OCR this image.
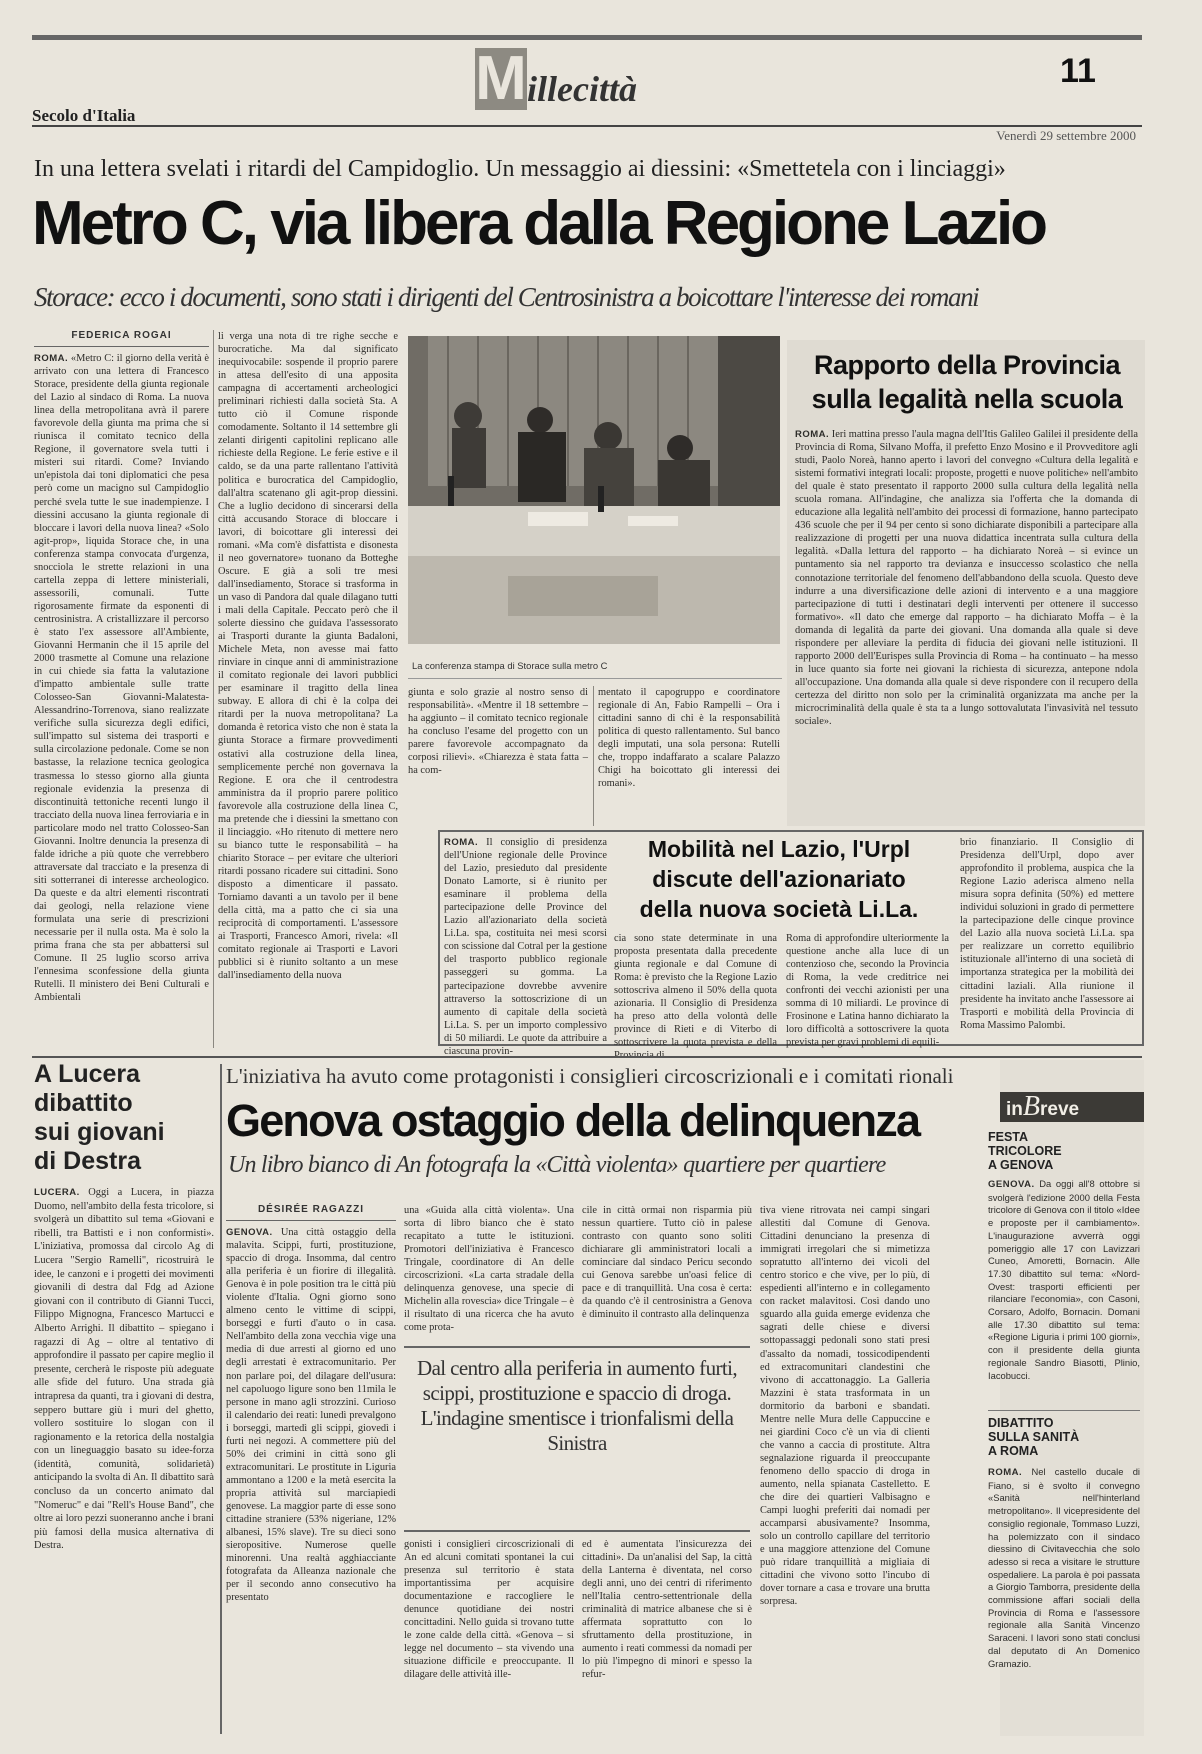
Millecittà	11
Secolo d'Italia
Venerdì 29 settembre 2000
In una lettera svelati i ritardi del Campidoglio. Un messaggio ai diessini: «Smettetela con i linciaggi»
Metro C, via libera dalla Regione Lazio
Storace: ecco i documenti, sono stati i dirigenti del Centrosinistra a boicottare l'interesse dei romani
FEDERICA ROGAI

ROMA. «Metro C: il giorno della verità è arrivato con una lettera di Francesco Storace, presidente della giunta regionale del Lazio al sindaco di Roma. La nuova linea della metropolitana avrà il parere favorevole della giunta ma prima che si riunisca il comitato tecnico della Regione, il governatore svela tutti i misteri sui ritardi. Come? Inviando un'epistola dai toni diplomatici che pesa però come un macigno sul Campidoglio perché svela tutte le sue inadempienze. I diessini accusano la giunta regionale di bloccare i lavori della nuova linea? «Solo agit-prop», liquida Storace che, in una conferenza stampa convocata d'urgenza, snocciola le strette relazioni in una cartella zeppa di lettere ministeriali, assessorili, comunali. Tutte rigorosamente firmate da esponenti di centrosinistra. A cristallizzare il percorso è stato l'ex assessore all'Ambiente, Giovanni Hermanin che il 15 aprile del 2000 trasmette al Comune una relazione in cui chiede sia fatta la valutazione d'impatto ambientale sulle tratte Colosseo-San Giovanni-Malatesta-Alessandrino-Torrenova, siano realizzate verifiche sulla sicurezza degli edifici, sull'impatto sul sistema dei trasporti e sulla circolazione pedonale. Come se non bastasse, la relazione tecnica geologica trasmessa lo stesso giorno alla giunta regionale evidenzia la presenza di discontinuità tettoniche recenti lungo il tracciato della nuova linea ferroviaria e in particolare modo nel tratto Colosseo-San Giovanni. Inoltre denuncia la presenza di falde idriche a più quote che verrebbero attraversate dal tracciato e la presenza di siti sotterranei di interesse archeologico. Da queste e da altri elementi riscontrati dai geologi, nella relazione viene formulata una serie di prescrizioni necessarie per il nulla osta. Ma è solo la prima frana che sta per abbattersi sul Comune. Il 25 luglio scorso arriva l'ennesima sconfessione della giunta Rutelli. Il ministero dei Beni Culturali e Ambientali

li verga una nota di tre righe secche e burocratiche. Ma dal significato inequivocabile: sospende il proprio parere in attesa dell'esito di una apposita campagna di accertamenti archeologici preliminari richiesti dalla società Sta. A tutto ciò il Comune risponde comodamente. Soltanto il 14 settembre gli zelanti dirigenti capitolini replicano alle richieste della Regione. Le ferie estive e il caldo, se da una parte rallentano l'attività politica e burocratica del Campidoglio, dall'altra scatenano gli agit-prop diessini. Che a luglio decidono di sincerarsi della città accusando Storace di bloccare i lavori, di boicottare gli interessi dei romani. «Ma com'è disfattista e disonesta il neo governatore» tuonano da Botteghe Oscure. E già a soli tre mesi dall'insediamento, Storace si trasforma in un vaso di Pandora dal quale dilagano tutti i mali della Capitale. Peccato però che il solerte diessino che guidava l'assessorato ai Trasporti durante la giunta Badaloni, Michele Meta, non avesse mai fatto rinviare in cinque anni di amministrazione il comitato regionale dei lavori pubblici per esaminare il tragitto della linea subway. E allora di chi è la colpa dei ritardi per la nuova metropolitana? La domanda è retorica visto che non è stata la giunta Storace a firmare provvedimenti ostativi alla costruzione della linea, semplicemente perché non governava la Regione. E ora che il centrodestra amministra da il proprio parere politico favorevole alla costruzione della linea C, ma pretende che i diessini la smettano con il linciaggio. «Ho ritenuto di mettere nero su bianco tutte le responsabilità – ha chiarito Storace – per evitare che ulteriori ritardi possano ricadere sui cittadini. Sono disposto a dimenticare il passato. Torniamo davanti a un tavolo per il bene della città, ma a patto che ci sia una reciprocità di comportamenti. L'assessore ai Trasporti, Francesco Amori, rivela: «Il comitato regionale ai Trasporti e Lavori pubblici si è riunito soltanto a un mese dall'insediamento della nuova

La conferenza stampa di Storace sulla metro C

giunta e solo grazie al nostro senso di responsabilità». «Mentre il 18 settembre – ha aggiunto – il comitato tecnico regionale ha concluso l'esame del progetto con un parere favorevole accompagnato da corposi rilievi». «Chiarezza è stata fatta – ha com-

mentato il capogruppo e coordinatore regionale di An, Fabio Rampelli – Ora i cittadini sanno di chi è la responsabilità politica di questo rallentamento. Sul banco degli imputati, una sola persona: Rutelli che, troppo indaffarato a scalare Palazzo Chigi ha boicottato gli interessi dei romani».

Rapporto della Provincia
sulla legalità nella scuola

ROMA. Ieri mattina presso l'aula magna dell'Itis Galileo Galilei il presidente della Provincia di Roma, Silvano Moffa, il prefetto Enzo Mosino e il Provveditore agli studi, Paolo Noreà, hanno aperto i lavori del convegno «Cultura della legalità e sistemi formativi integrati locali: proposte, progetti e nuove politiche» nell'ambito del quale è stato presentato il rapporto 2000 sulla cultura della legalità nella scuola romana. All'indagine, che analizza sia l'offerta che la domanda di educazione alla legalità nell'ambito dei processi di formazione, hanno partecipato 436 scuole che per il 94 per cento si sono dichiarate disponibili a partecipare alla realizzazione di progetti per una nuova didattica incentrata sulla cultura della legalità. «Dalla lettura del rapporto – ha dichiarato Noreà – si evince un puntamento sia nel rapporto tra devianza e insuccesso scolastico che nella connotazione territoriale del fenomeno dell'abbandono della scuola. Questo deve indurre a una diversificazione delle azioni di intervento e a una maggiore partecipazione di tutti i destinatari degli interventi per ottenere il successo formativo». «Il dato che emerge dal rapporto – ha dichiarato Moffa – è la domanda di legalità da parte dei giovani. Una domanda alla quale si deve rispondere per alleviare la perdita di fiducia dei giovani nelle istituzioni. Il rapporto 2000 dell'Eurispes sulla Provincia di Roma – ha continuato – ha messo in luce quanto sia forte nei giovani la richiesta di sicurezza, antepone ndola all'occupazione. Una domanda alla quale si deve rispondere con il recupero della certezza del diritto non solo per la criminalità organizzata ma anche per la microcriminalità della quale è sta ta a lungo sottovalutata l'invasività nel tessuto sociale».

ROMA. Il consiglio di presidenza dell'Unione regionale delle Province del Lazio, presieduto dal presidente Donato Lamorte, si è riunito per esaminare il problema della partecipazione delle Province del Lazio all'azionariato della società Li.La. spa, costituita nei mesi scorsi con scissione dal Cotral per la gestione del trasporto pubblico regionale passeggeri su gomma. La partecipazione dovrebbe avvenire attraverso la sottoscrizione di un aumento di capitale della società Li.La. S. per un importo complessivo di 50 miliardi. Le quote da attribuire a ciascuna provin-

Mobilità nel Lazio, l'Urpl
discute dell'azionariato
della nuova società Li.La.

cia sono state determinate in una proposta presentata dalla precedente giunta regionale e dal Comune di Roma: è previsto che la Regione Lazio sottoscriva almeno il 50% della quota azionaria. Il Consiglio di Presidenza ha preso atto della volontà delle province di Rieti e di Viterbo di sottoscrivere la quota prevista e della Provincia di

Roma di approfondire ulteriormente la questione anche alla luce di un contenzioso che, secondo la Provincia di Roma, la vede creditrice nei confronti dei vecchi azionisti per una somma di 10 miliardi. Le province di Frosinone e Latina hanno dichiarato la loro difficoltà a sottoscrivere la quota prevista per gravi problemi di equili-

brio finanziario. Il Consiglio di Presidenza dell'Urpl, dopo aver approfondito il problema, auspica che la Regione Lazio aderisca almeno nella misura sopra definita (50%) ed mettere individui soluzioni in grado di permettere la partecipazione delle cinque province del Lazio alla nuova società Li.La. spa per realizzare un corretto equilibrio istituzionale all'interno di una società di importanza strategica per la mobilità dei cittadini laziali. Alla riunione il presidente ha invitato anche l'assessore ai Trasporti e mobilità della Provincia di Roma Massimo Palombi.

A Lucera
dibattito
sui giovani
di Destra

LUCERA. Oggi a Lucera, in piazza Duomo, nell'ambito della festa tricolore, si svolgerà un dibattito sul tema «Giovani e ribelli, tra Battisti e i non conformisti». L'iniziativa, promossa dal circolo Ag di Lucera "Sergio Ramelli", ricostruirà le idee, le canzoni e i progetti dei movimenti giovanili di destra dal Fdg ad Azione giovani con il contributo di Gianni Tucci, Filippo Mignogna, Francesco Martucci e Alberto Arrighi. Il dibattito – spiegano i ragazzi di Ag – oltre al tentativo di approfondire il passato per capire meglio il presente, cercherà le risposte più adeguate alle sfide del futuro. Una strada già intrapresa da quanti, tra i giovani di destra, seppero buttare giù i muri del ghetto, vollero sostituire lo slogan con il ragionamento e la retorica della nostalgia con un lineguaggio basato su idee-forza (identità, comunità, solidarietà) anticipando la svolta di An. Il dibattito sarà concluso da un concerto animato dal "Nomeruc" e dai "Rell's House Band", che oltre ai loro pezzi suoneranno anche i brani più famosi della musica alternativa di Destra.

L'iniziativa ha avuto come protagonisti i consiglieri circoscrizionali e i comitati rionali
Genova ostaggio della delinquenza
Un libro bianco di An fotografa la «Città violenta» quartiere per quartiere
DÉSIRÉE RAGAZZI

GENOVA. Una città ostaggio della malavita. Scippi, furti, prostituzione, spaccio di droga. Insomma, dal centro alla periferia è un fiorire di illegalità. Genova è in pole position tra le città più violente d'Italia. Ogni giorno sono almeno cento le vittime di scippi, borseggi e furti d'auto o in casa. Nell'ambito della zona vecchia vige una media di due arresti al giorno ed uno degli arrestati è extracomunitario. Per non parlare poi, del dilagare dell'usura: nel capoluogo ligure sono ben 11mila le persone in mano agli strozzini. Curioso il calendario dei reati: lunedì prevalgono i borseggi, martedì gli scippi, giovedì i furti nei negozi. A commettere più del 50% dei crimini in città sono gli extracomunitari. Le prostitute in Liguria ammontano a 1200 e la metà esercita la propria attività sul marciapiedi genovese. La maggior parte di esse sono cittadine straniere (53% nigeriane, 12% albanesi, 15% slave). Tre su dieci sono sieropositive. Numerose quelle minorenni. Una realtà agghiacciante fotografata da Alleanza nazionale che per il secondo anno consecutivo ha presentato

una «Guida alla città violenta». Una sorta di libro bianco che è stato recapitato a tutte le istituzioni. Promotori dell'iniziativa è Francesco Tringale, coordinatore di An delle circoscrizioni. «La carta stradale della delinquenza genovese, una specie di Michelin alla rovescia» dice Tringale – è il risultato di una ricerca che ha avuto come prota-

cile in città ormai non risparmia più nessun quartiere. Tutto ciò in palese contrasto con quanto sono soliti dichiarare gli amministratori locali a cominciare dal sindaco Pericu secondo cui Genova sarebbe un'oasi felice di pace e di tranquillità. Una cosa è certa: da quando c'è il centrosinistra a Genova è diminuito il contrasto alla delinquenza

tiva viene ritrovata nei campi singari allestiti dal Comune di Genova. Cittadini denunciano la presenza di immigrati irregolari che si mimetizza sopratutto all'interno dei vicoli del centro storico e che vive, per lo più, di espedienti all'interno e in collegamento con racket malavitosi. Così dando uno sguardo alla guida emerge evidenza che sagrati delle chiese e diversi sottopassaggi pedonali sono stati presi d'assalto da nomadi, tossicodipendenti ed extracomunitari clandestini che vivono di accattonaggio. La Galleria Mazzini è stata trasformata in un dormitorio da barboni e sbandati. Mentre nelle Mura delle Cappuccine e nei giardini Coco c'è un via di clienti che vanno a caccia di prostitute. Altra segnalazione riguarda il preoccupante fenomeno dello spaccio di droga in aumento, nella spianata Castelletto. E che dire dei quartieri Valbisagno e Campi luoghi preferiti dai nomadi per accamparsi abusivamente? Insomma, solo un controllo capillare del territorio e una maggiore attenzione del Comune può ridare tranquillità a migliaia di cittadini che vivono sotto l'incubo di dover tornare a casa e trovare una brutta sorpresa.

Dal centro alla periferia in aumento furti, scippi, prostituzione e spaccio di droga. L'indagine smentisce i trionfalismi della Sinistra

gonisti i consiglieri circoscrizionali di An ed alcuni comitati spontanei la cui presenza sul territorio è stata importantissima per acquisire documentazione e raccogliere le denunce quotidiane dei nostri concittadini. Nello guida si trovano tutte le zone calde della città. «Genova – si legge nel documento – sta vivendo una situazione difficile e preoccupante. Il dilagare delle attività ille-

ed è aumentata l'insicurezza dei cittadini». Da un'analisi del Sap, la città della Lanterna è diventata, nel corso degli anni, uno dei centri di riferimento nell'Italia centro-settentrionale della criminalità di matrice albanese che si è affermata soprattutto con lo sfruttamento della prostituzione, in aumento i reati commessi da nomadi per lo più l'impegno di minori e spesso la refur-

inBreve
FESTA
TRICOLORE
A GENOVA

GENOVA. Da oggi all'8 ottobre si svolgerà l'edizione 2000 della Festa tricolore di Genova con il titolo «Idee e proposte per il cambiamento». L'inaugurazione avverrà oggi pomeriggio alle 17 con Lavizzari Cuneo, Amoretti, Bornacin. Alle 17.30 dibattito sul tema: «Nord-Ovest: trasporti efficienti per rilanciare l'economia», con Casoni, Corsaro, Adolfo, Bornacin. Domani alle 17.30 dibattito sul tema: «Regione Liguria i primi 100 giorni», con il presidente della giunta regionale Sandro Biasotti, Plinio, Iacobucci.

DIBATTITO
SULLA SANITÀ
A ROMA

ROMA. Nel castello ducale di Fiano, si è svolto il convegno «Sanità nell'hinterland metropolitano». Il vicepresidente del consiglio regionale, Tommaso Luzzi, ha polemizzato con il sindaco diessino di Civitavecchia che solo adesso si reca a visitare le strutture ospedaliere. La parola è poi passata a Giorgio Tamborra, presidente della commissione affari sociali della Provincia di Roma e l'assessore regionale alla Sanità Vincenzo Saraceni. I lavori sono stati conclusi dal deputato di An Domenico Gramazio.
